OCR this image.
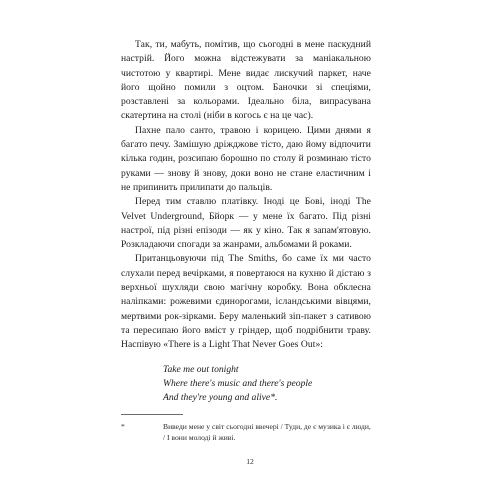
Так, ти, мабуть, помітив, що сьогодні в мене паскудний настрій. Його можна відстежувати за маніакальною чистотою у квартирі. Мене видає лискучий паркет, наче його щойно помили з оцтом. Баночки зі спеціями, розставлені за кольорами. Ідеально біла, випрасувана скатертина на столі (ніби в когось є на це час).

Пахне пало санто, травою і корицею. Цими днями я багато печу. Замішую дріжджове тісто, даю йому відпочити кілька годин, розсипаю борошно по столу й розминаю тісто руками — знову й знову, доки воно не стане еластичним і не припинить прилипати до пальців.

Перед тим ставлю платівку. Іноді це Бові, іноді The Velvet Underground, Бйорк — у мене їх багато. Під різні настрої, під різні епізоди — як у кіно. Так я запам'ятовую. Розкладаючи спогади за жанрами, альбомами й роками.

Пританцьовуючи під The Smiths, бо саме їх ми часто слухали перед вечірками, я повертаюся на кухню й дістаю з верхньої шухляди свою магічну коробку. Вона обклеєна наліпками: рожевими єдинорогами, ісландськими вівцями, мертвими рок-зірками. Беру маленький зіп-пакет з сативою та пересипаю його вміст у гріндер, щоб подрібнити траву. Наспівую «There is a Light That Never Goes Out»:

Take me out tonight
Where there's music and there's people
And they're young and alive*.
*	Виведи мене у світ сьогодні ввечері / Туди, де є музика і є люди, / І вони молоді й живі.
12
